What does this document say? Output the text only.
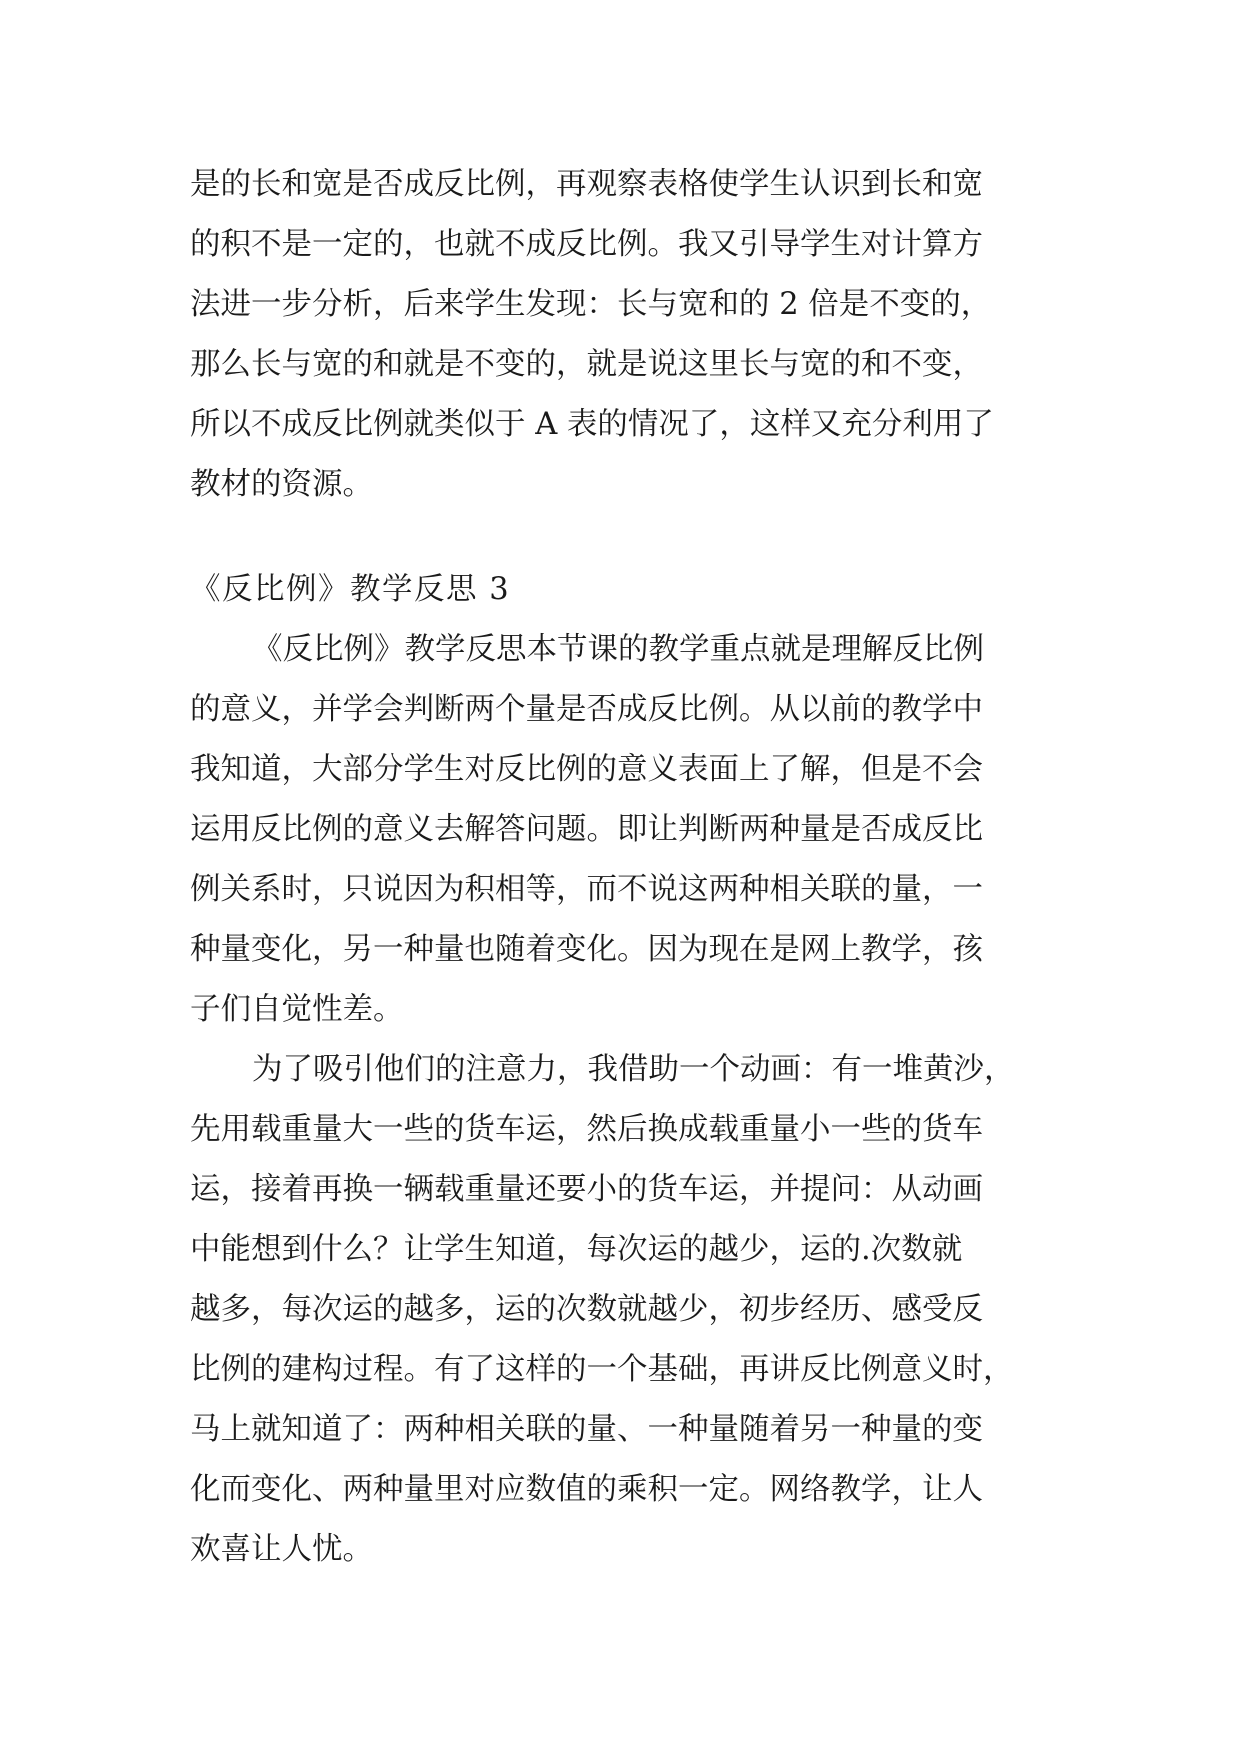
是的长和宽是否成反比例，再观察表格使学生认识到长和宽
的积不是一定的，也就不成反比例。我又引导学生对计算方
法进一步分析，后来学生发现：长与宽和的 2 倍是不变的，
那么长与宽的和就是不变的，就是说这里长与宽的和不变，
所以不成反比例就类似于 A 表的情况了，这样又充分利用了
教材的资源。
《反比例》教学反思 3
《反比例》教学反思本节课的教学重点就是理解反比例
的意义，并学会判断两个量是否成反比例。从以前的教学中
我知道，大部分学生对反比例的意义表面上了解，但是不会
运用反比例的意义去解答问题。即让判断两种量是否成反比
例关系时，只说因为积相等，而不说这两种相关联的量，一
种量变化，另一种量也随着变化。因为现在是网上教学，孩
子们自觉性差。
为了吸引他们的注意力，我借助一个动画：有一堆黄沙，
先用载重量大一些的货车运，然后换成载重量小一些的货车
运，接着再换一辆载重量还要小的货车运，并提问：从动画
中能想到什么？让学生知道，每次运的越少，运的.次数就
越多，每次运的越多，运的次数就越少，初步经历、感受反
比例的建构过程。有了这样的一个基础，再讲反比例意义时，
马上就知道了：两种相关联的量、一种量随着另一种量的变
化而变化、两种量里对应数值的乘积一定。网络教学，让人
欢喜让人忧。
